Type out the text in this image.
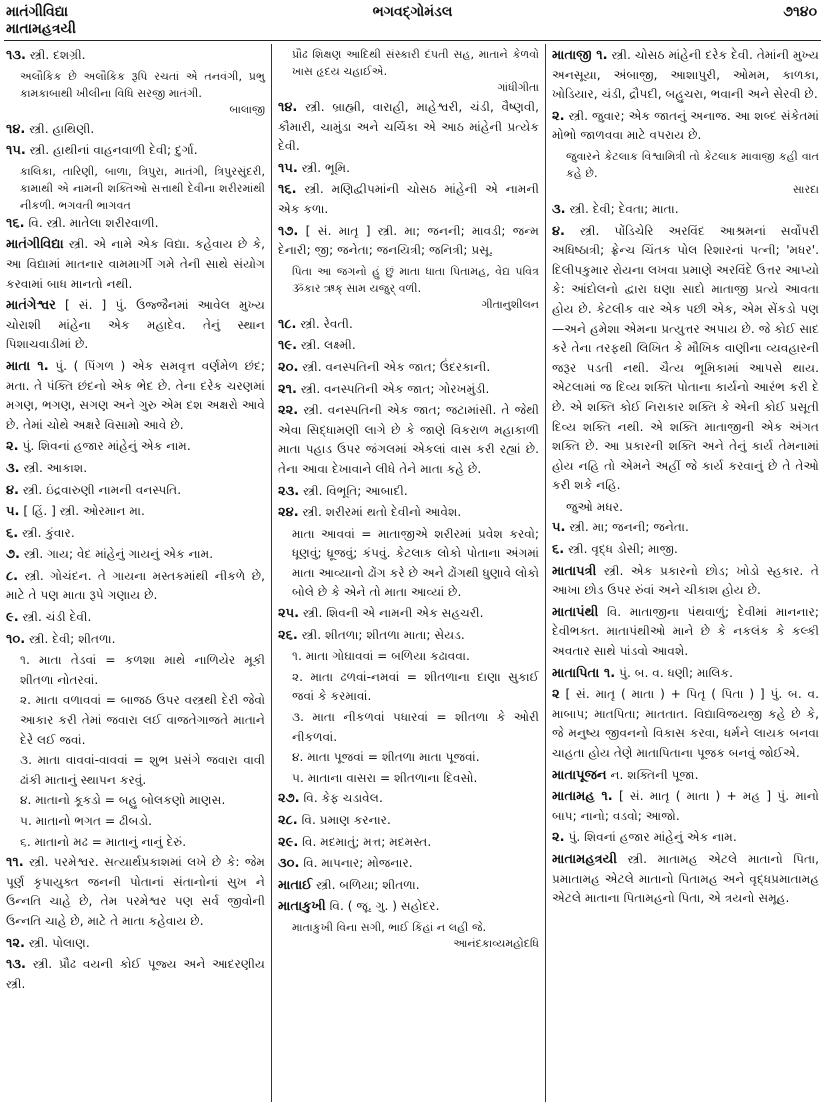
માતંગીવિદ્યા
માતામહત્રયી
ભગવદ્ગોમંડલ	૭૧૪૦
૧૩. સ્ત્રી. દશગ્રી.
અલૌકિક છે અલૌકિક રૂપિ રચતાં એ તનવંગી, પ્રભુ કામકાબાથી ખીલીના વિધિ સરજી માતંગી.
બાલાજી
૧૪. સ્ત્રી. હાથિણી.
૧૫. સ્ત્રી. હાથીનાં વાહનવાળી દેવી; દુર્ગા.
કાલિકા, તારિણી, બાળા, ત્રિપુરા, માતંગી, ત્રિપુરસુંદરી, કામાથી એ નામની શક્તિઓ સત્તાથી દેવીના શરીરમાંથી નીકળી. ભગવતી ભાગવત
૧૬. વિ. સ્ત્રી. માતેલા શરીરવાળી.
માતંગીવિદ્યા સ્ત્રી. એ નામે એક વિદ્યા. કહેવાય છે કે, આ વિદ્યામાં માતનાર વામમાર્ગી ગમે તેની સાથે સંયોગ કરવામાં બાધ માનતો નથી.
માતંગેશ્વર [ સં. ] પું. ઉજ્જૈનમાં આવેલ મુખ્ય ચોરાશી માંહેના એક મહાદેવ. તેનું સ્થાન પિશાચવાડીમાં છે.
માતા ૧. પું. ( પિંગળ ) એક સમવૃત્ત વર્ણમેળ છંદ; મતા. તે પંક્તિ છંદનો એક ભેદ છે. તેના દરેક ચરણમાં મગણ, ભગણ, સગણ અને ગુરુ એમ દશ અક્ષરો આવે છે. તેમાં ચોથે અક્ષરે વિસામો આવે છે.
૨. પું. શિવનાં હજાર માંહેનું એક નામ.
૩. સ્ત્રી. આકાશ.
૪. સ્ત્રી. ઇંદ્રવારુણી નામની વનસ્પતિ.
૫. [ હિં. ] સ્ત્રી. ઓરમાન મા.
૬. સ્ત્રી. કુંવાર.
૭. સ્ત્રી. ગાય; વેદ માંહેનું ગાયનું એક નામ.
૮. સ્ત્રી. ગોચંદન. તે ગાયના મસ્તકમાંથી નીકળે છે, માટે તે પણ માતા રૂપે ગણાય છે.
૯. સ્ત્રી. ચંડી દેવી.
૧૦. સ્ત્રી. દેવી; શીતળા.
૧. માતા તેડવાં = કળશા માથે નાળિયેર મૂકી શીતળા નોતરવાં.
૨. માતા વળાવવાં = બાજઠ ઉપર વસ્ત્રથી દેરી જેવો આકાર કરી તેમાં જવારા લઈ વાજતેગાજતે માતાને દેરે લઈ જવાં.
૩. માતા વાવવાં-વાવવાં = શુભ પ્રસંગે જવારા વાવી ઢાંકી માતાનું સ્થાપન કરવું.
૪. માતાનો કૂકડો = બહુ બોલકણો માણસ.
૫. માતાનો ભગત = ઢીબડો.
૬. માતાનો મઢ = માતાનું નાનું દેરું.
૧૧. સ્ત્રી. પરમેશ્વર. સત્યાર્થપ્રકાશમાં લખે છે કે: જેમ પૂર્ણ કૃપાયુક્ત જનની પોતાનાં સંતાનોનાં સુખ ને ઉન્નતિ ચાહે છે, તેમ પરમેશ્વર પણ સર્વ જીવોની ઉન્નતિ ચાહે છે, માટે તે માતા કહેવાય છે.
૧૨. સ્ત્રી. પોલાણ.
૧૩. સ્ત્રી. પ્રૌઢ વયની કોઈ પૂજ્ય અને આદરણીય સ્ત્રી.
પ્રૌઢ શિક્ષણ આદિથી સંસ્કારી દંપતી સહ, માતાને કેળવો ખાસ હૃદય ચહાઈએ.
ગાંધીગીતા
૧૪. સ્ત્રી. બ્રાહ્મી, વારાહી, માહેશ્વરી, ચંડી, વૈષ્ણવી, કૌમારી, ચામુંડા અને ચર્ચિકા એ આઠ માંહેની પ્રત્યેક દેવી.
૧૫. સ્ત્રી. ભૂમિ.
૧૬. સ્ત્રી. મણિદ્વીપમાંની ચોસઠ માંહેની એ નામની એક કળા.
૧૭. [ સં. માતૃ ] સ્ત્રી. મા; જનની; માવડી; જન્મ દેનારી; જી; જનેતા; જનયિત્રી; જનિત્રી; પ્રસૂ.
પિતા આ જગનો હું છું માતા ધાતા પિતામહ, વેદ્ય પવિત્ર ૐકાર ઋક્ સામ યજુર્ વળી.
ગીતાનુશીલન
૧૮. સ્ત્રી. રેવતી.
૧૯. સ્ત્રી. લક્ષ્મી.
૨૦. સ્ત્રી. વનસ્પતિની એક જાત; ઉંદરકાની.
૨૧. સ્ત્રી. વનસ્પતિની એક જાત; ગોરખમુંડી.
૨૨. સ્ત્રી. વનસ્પતિની એક જાત; જટામાંસી. તે જેથી એવા સિદ્ધામણી લાગે છે કે જાણે વિકરાળ મહાકાળી માતા પહાડ ઉપર જંગલમાં એકલાં વાસ કરી રહ્યાં છે. તેના આવા દેખાવાને લીધે તેને માતા કહે છે.
૨૩. સ્ત્રી. વિભૂતિ; આબાદી.
૨૪. સ્ત્રી. શરીરમાં થતો દેવીનો આવેશ.
માતા આવવાં = માતાજીએ શરીરમાં પ્રવેશ કરવો; ધૂણવું; ધ્રૂજવું; કંપવું. કેટલાક લોકો પોતાના અંગમાં માતા આવ્યાનો ઢોંગ કરે છે અને ઢોંગથી ધુણાવે લોકો બોલે છે કે એને તો માતા આવ્યાં છે.
૨૫. સ્ત્રી. શિવની એ નામની એક સહચરી.
૨૬. સ્ત્રી. શીતળા; શીતળા માતા; સેયડ.
૧. માતા ગોઘાવવાં = બળિયા કઢાવવા.
૨. માતા ઢળવાં-નમવાં = શીતળાના દાણા સુકાઈ જવાં કે કરમાવાં.
૩. માતા નીકળવાં પધારવાં = શીતળા કે ઓરી નીકળવાં.
૪. માતા પૂજવાં = શીતળા માતા પૂજવાં.
૫. માતાના વાસરા = શીતળાના દિવસો.
૨૭. વિ. કેફ ચડાવેલ.
૨૮. વિ. પ્રમાણ કરનાર.
૨૯. વિ. મદમાતું; મત્ત; મદમસ્ત.
૩૦. વિ. માપનાર; મોજનાર.
માતાઈ સ્ત્રી. બળિયા; શીતળા.
માતાકુખી વિ. ( જૂ. ગુ. ) સહોદર.
માતાકુખી વિના સગી, ભાઈ કિંહાં ન લહી જે.
આનંદકાવ્યમહોદધિ
માતાજી ૧. સ્ત્રી. ચોસઠ માંહેની દરેક દેવી. તેમાંની મુખ્ય અનસૂયા, અંબાજી, આશાપુરી, ઓમમ, કાળકા, ખોડિયાર, ચંડી, દ્રૌપદી, બહુચરા, ભવાની અને સેરવી છે.
૨. સ્ત્રી. જુવાર; એક જાતનું અનાજ. આ શબ્દ સંકેતમાં મોભો જાળવવા માટે વપરાય છે.
જુવારને કેટલાક વિશ્વામિત્રી તો કેટલાક માવાજી કહી વાત કહે છે.
સારદા
૩. સ્ત્રી. દેવી; દેવતા; માતા.
૪. સ્ત્રી. પોંડિચેરિ અરવિંદ આશ્રમનાં સર્વોપરી અધિષ્ઠાત્રી; ફ્રેન્ચ ચિંતક પોલ રિશારનાં પત્ની; 'મધર'. દિલીપકુમાર રોયના લખવા પ્રમાણે અરવિંદે ઉત્તર આપ્યો કે: આંદોલનો દ્વારા ઘણા સાદો માતાજી પ્રત્યે આવતા હોય છે. કેટલીક વાર એક પછી એક, એમ સેંકડો પણ—અને હમેશા એમના પ્રત્યુત્તર અપાય છે. જે કોઈ સાદ કરે તેના તરફથી લિખિત કે મૌખિક વાણીના વ્યવહારની જરૂર પડતી નથી. ચૈત્ય ભૂમિકામાં આપસે થાય. એટલામાં જ દિવ્ય શક્તિ પોતાના કાર્યનો આરંભ કરી દે છે. એ શક્તિ કોઈ નિરાકાર શક્તિ કે એની કોઈ પ્રસૂતી દિવ્ય શક્તિ નથી. એ શક્તિ માતાજીની એક અંગત શક્તિ છે. આ પ્રકારની શક્તિ અને તેનું કાર્ય તેમનામાં હોય નહિ તો એમને અહીં જે કાર્ય કરવાનું છે તે તેઓ કરી શકે નહિ.
જુઓ મધર.
૫. સ્ત્રી. મા; જનની; જનેતા.
૬. સ્ત્રી. વૃદ્ધ ડોસી; માજી.
માતાપત્રી સ્ત્રી. એક પ્રકારનો છોડ; ખોડો સ્હકાર. તે આખા છોડ ઉપર રુંવાં અને ચીકાશ હોય છે.
માતાપંથી વિ. માતાજીના પંથવાળું; દેવીમાં માનનાર; દેવીભક્ત. માતાપંથીઓ માને છે કે નકલંક કે કલ્કી અવતાર સાથે પાંડવો આવશે.
માતાપિતા ૧. પું. બ. વ. ધણી; માલિક.
૨ [ સં. માતૃ ( માતા ) + પિતૃ ( પિતા ) ] પું. બ. વ. માબાપ; માતપિતા; માતતાત. વિદ્યાવિજયજી કહે છે કે, જે મનુષ્ય જીવનનો વિકાસ કરવા, ધર્મને લાયક બનવા ચાહતા હોય તેણે માતાપિતાના પૂજક બનવું જોઈએ.
માતાપૂજન ન. શક્તિની પૂજા.
માતામહ ૧. [ સં. માતૃ ( માતા ) + મહ ] પું. માનો બાપ; નાનો; વડવો; આજો.
૨. પું. શિવનાં હજાર માંહેનું એક નામ.
માતામહત્રયી સ્ત્રી. માતામહ એટલે માતાનો પિતા, પ્રમાતામહ એટલે માતાનો પિતામહ અને વૃદ્ધપ્રમાતામહ એટલે માતાના પિતામહનો પિતા, એ ત્રયનો સમૂહ.
